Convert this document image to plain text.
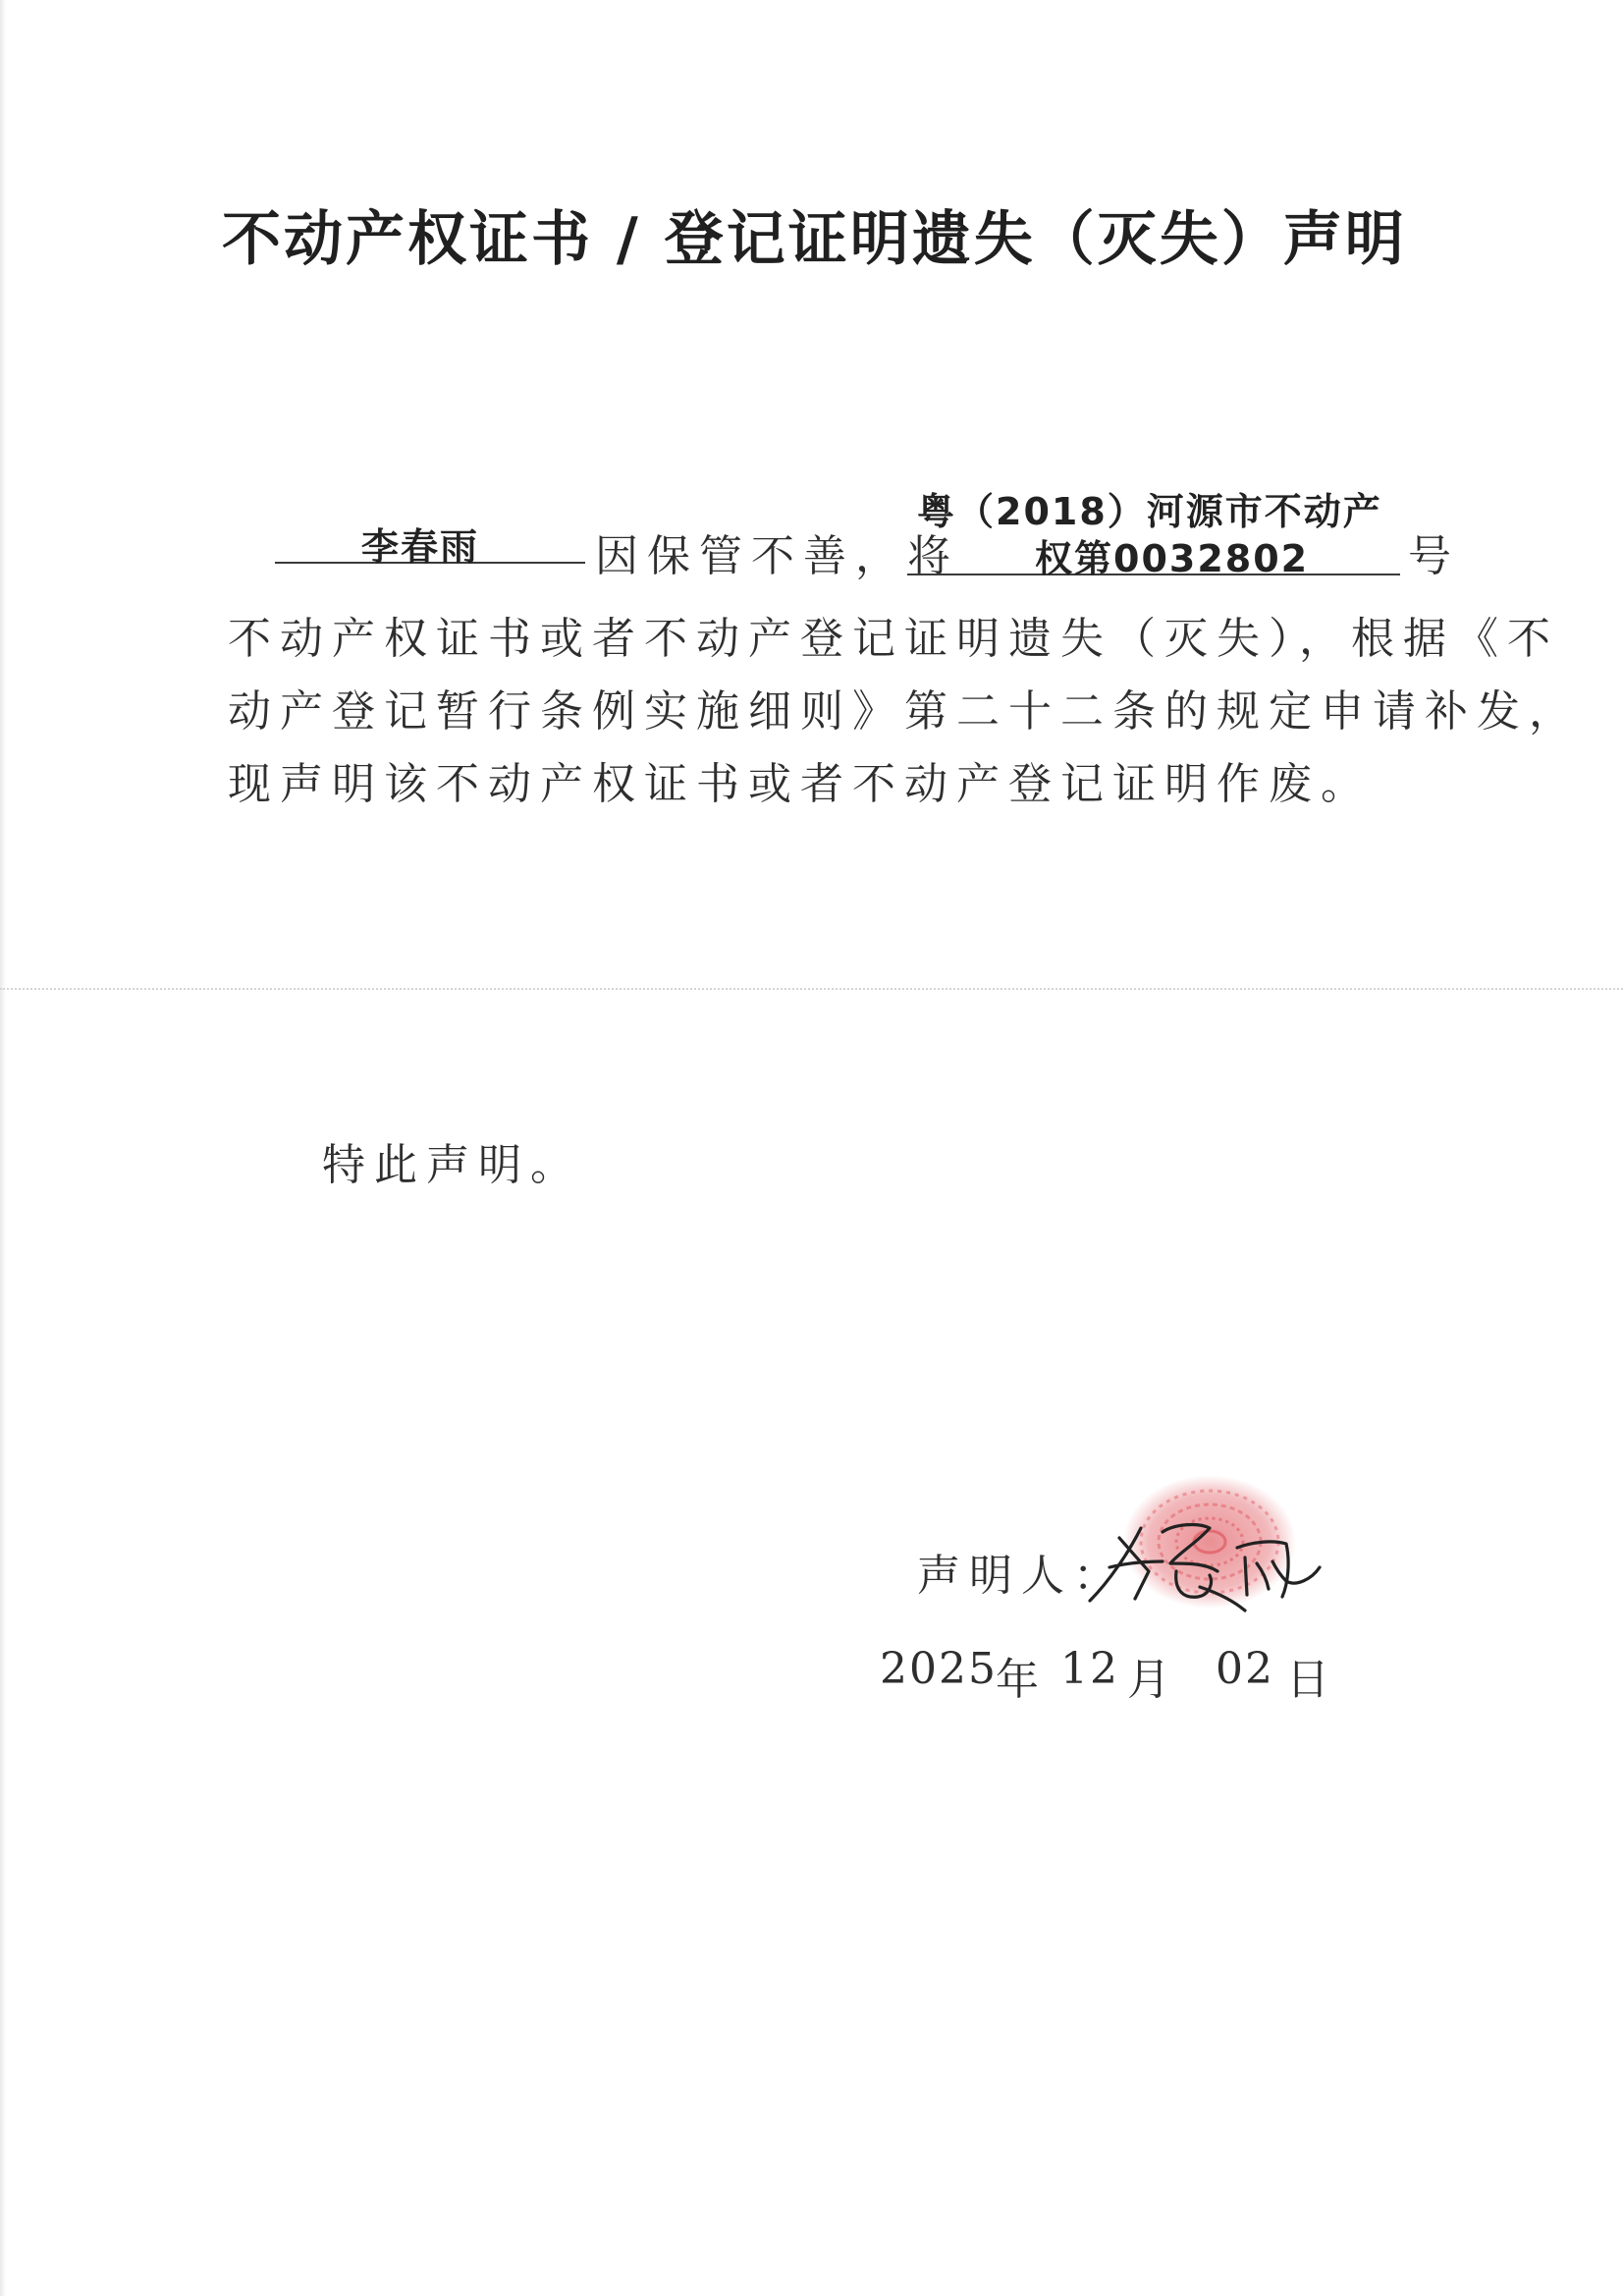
不动产权证书 / 登记证明遗失（灭失）声明
李春雨	因保管不善，将
粤（2018）河源市不动产
权第0032802 号
不动产权证书或者不动产登记证明遗失（灭失），根据《不
动产登记暂行条例实施细则》第二十二条的规定申请补发，
现声明该不动产权证书或者不动产登记证明作废。
特此声明。
声明人：
2025
年 12 月 02 日
